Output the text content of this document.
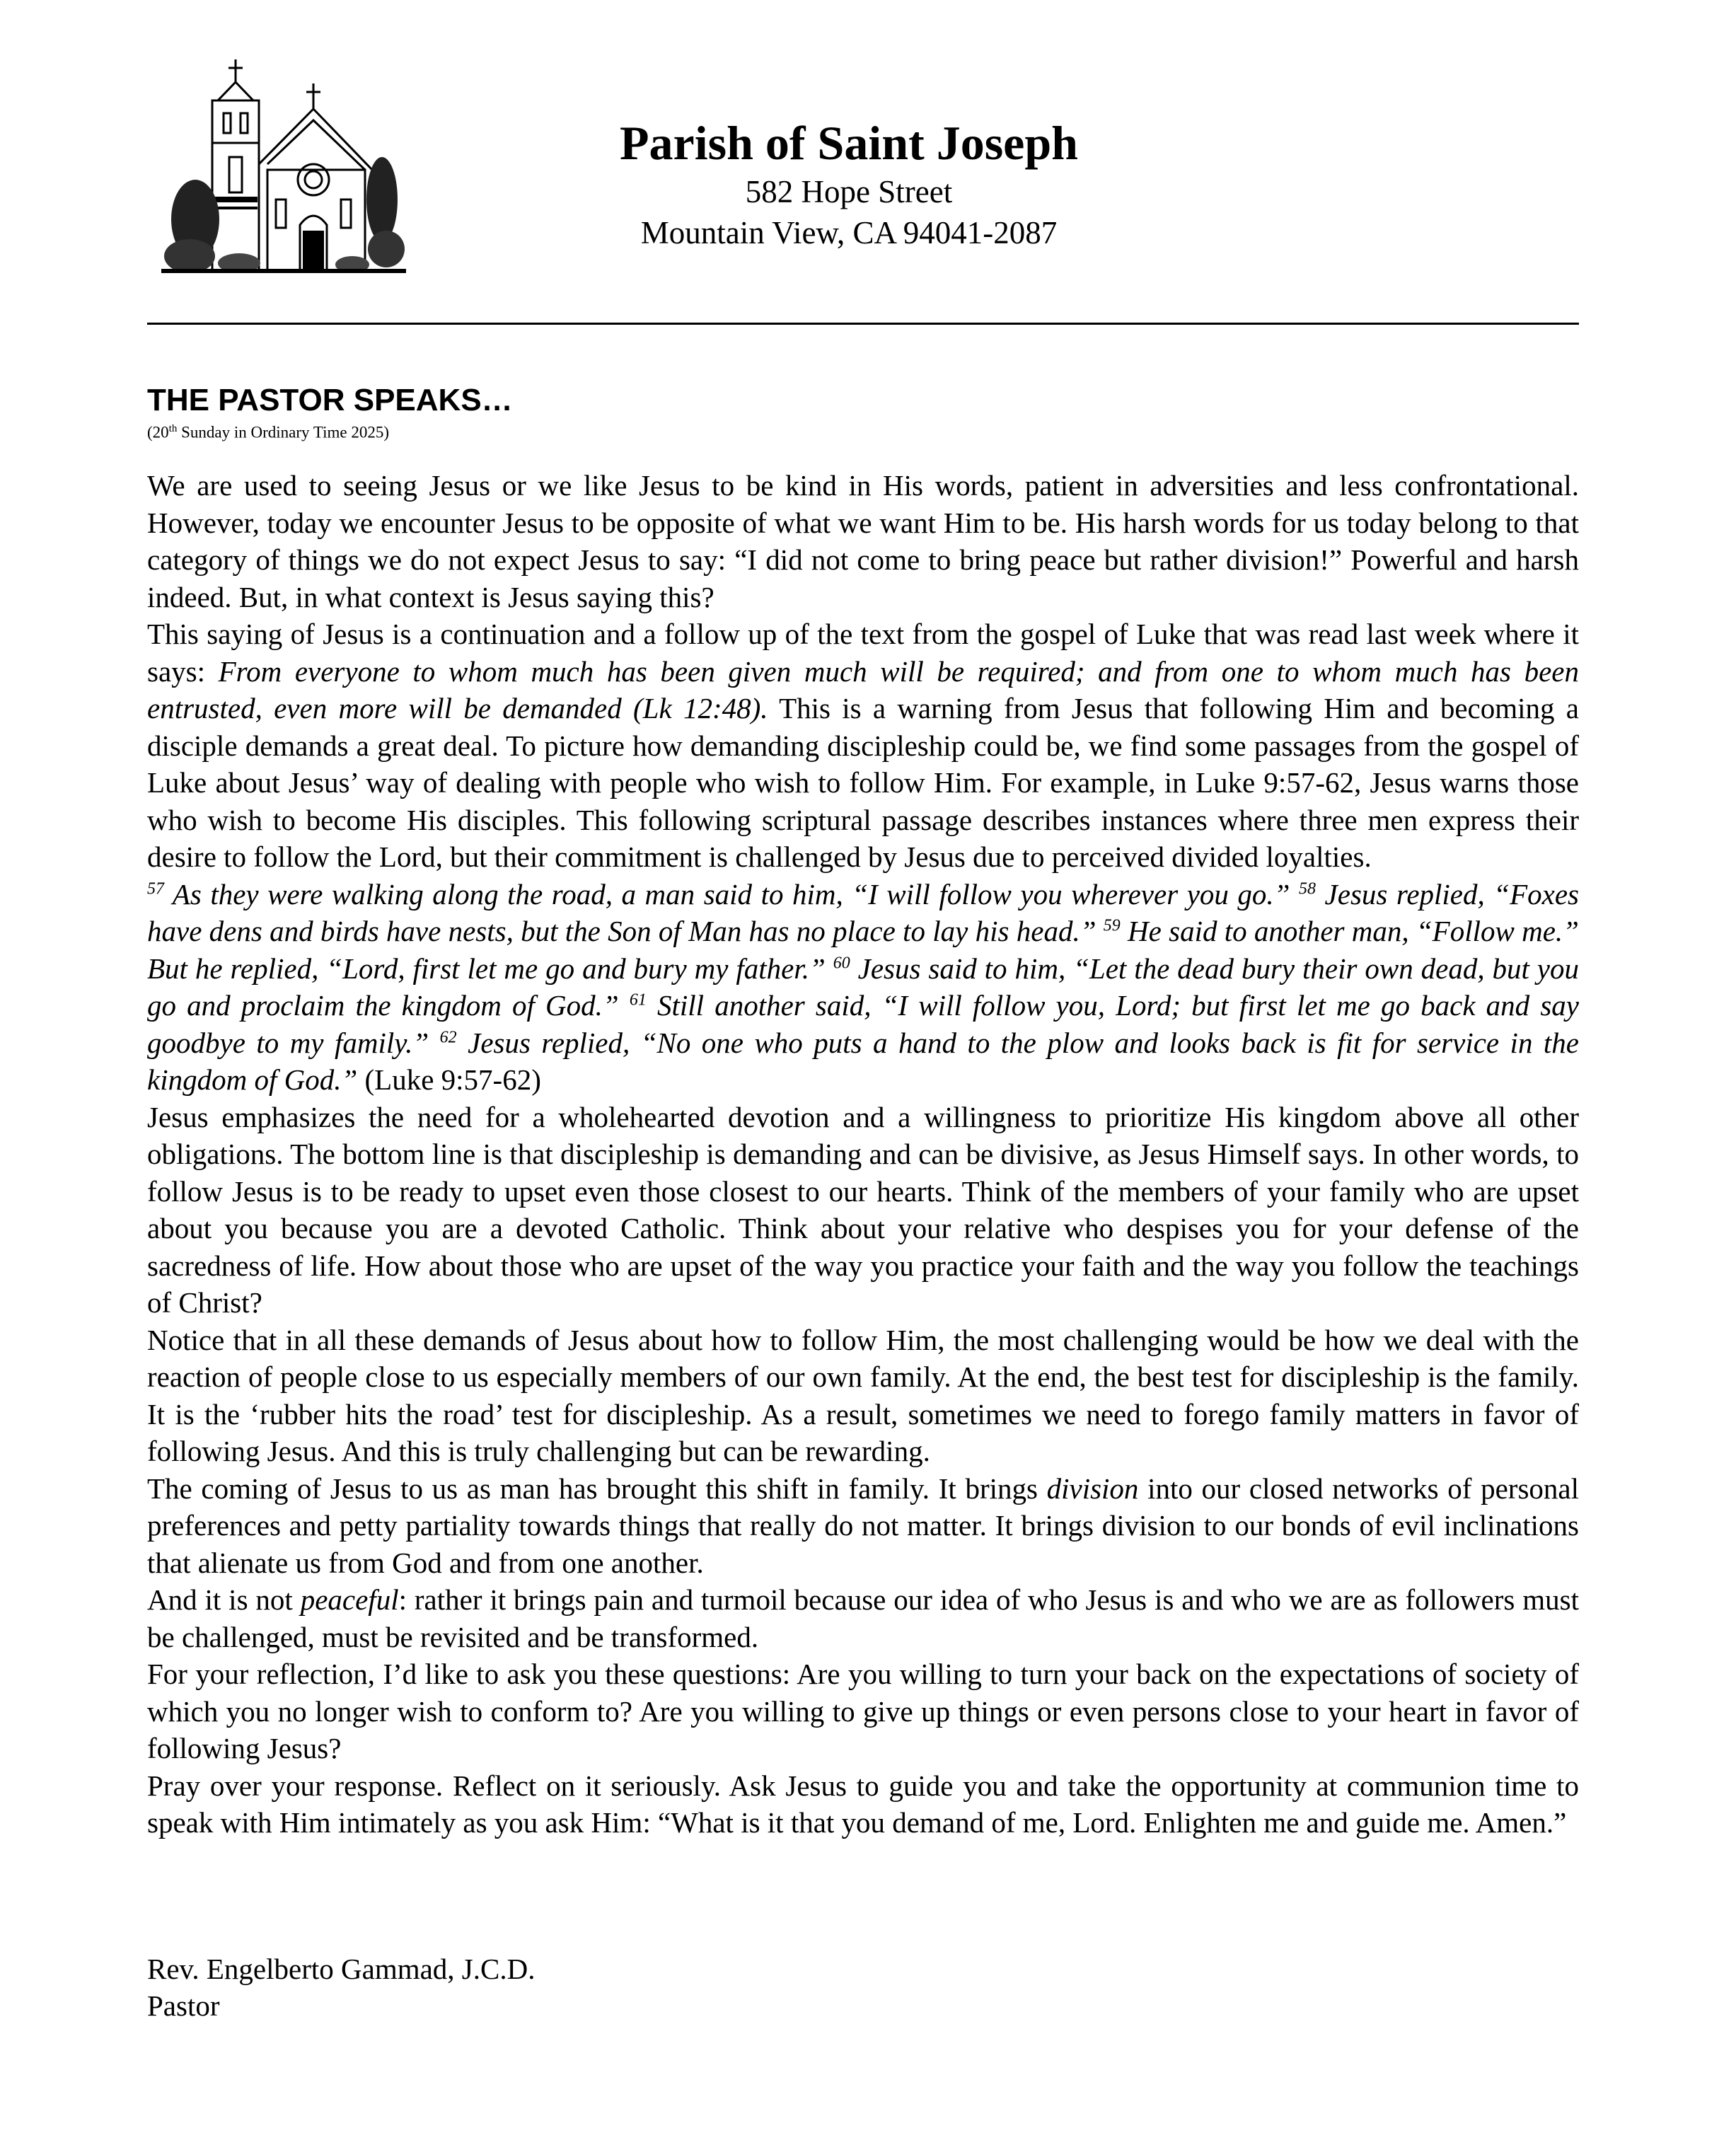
Parish of Saint Joseph
582 Hope Street
Mountain View, CA 94041-2087
THE PASTOR SPEAKS…
(20th Sunday in Ordinary Time 2025)

We are used to seeing Jesus or we like Jesus to be kind in His words, patient in adversities and less confrontational. However, today we encounter Jesus to be opposite of what we want Him to be. His harsh words for us today belong to that category of things we do not expect Jesus to say: “I did not come to bring peace but rather division!” Powerful and harsh indeed. But, in what context is Jesus saying this?

This saying of Jesus is a continuation and a follow up of the text from the gospel of Luke that was read last week where it says: From everyone to whom much has been given much will be required; and from one to whom much has been entrusted, even more will be demanded (Lk 12:48). This is a warning from Jesus that following Him and becoming a disciple demands a great deal. To picture how demanding discipleship could be, we find some passages from the gospel of Luke about Jesus’ way of dealing with people who wish to follow Him. For example, in Luke 9:57-62, Jesus warns those who wish to become His disciples. This following scriptural passage describes instances where three men express their desire to follow the Lord, but their commitment is challenged by Jesus due to perceived divided loyalties.

$^{57}$ As they were walking along the road, a man said to him, “I will follow you wherever you go.” $^{58}$ Jesus replied, “Foxes have dens and birds have nests, but the Son of Man has no place to lay his head.” $^{59}$ He said to another man, “Follow me.” But he replied, “Lord, first let me go and bury my father.” $^{60}$ Jesus said to him, “Let the dead bury their own dead, but you go and proclaim the kingdom of God.” $^{61}$ Still another said, “I will follow you, Lord; but first let me go back and say goodbye to my family.” $^{62}$ Jesus replied, “No one who puts a hand to the plow and looks back is fit for service in the kingdom of God.” (Luke 9:57-62)

Jesus emphasizes the need for a wholehearted devotion and a willingness to prioritize His kingdom above all other obligations. The bottom line is that discipleship is demanding and can be divisive, as Jesus Himself says. In other words, to follow Jesus is to be ready to upset even those closest to our hearts. Think of the members of your family who are upset about you because you are a devoted Catholic. Think about your relative who despises you for your defense of the sacredness of life. How about those who are upset of the way you practice your faith and the way you follow the teachings of Christ?

Notice that in all these demands of Jesus about how to follow Him, the most challenging would be how we deal with the reaction of people close to us especially members of our own family. At the end, the best test for discipleship is the family. It is the ‘rubber hits the road’ test for discipleship. As a result, sometimes we need to forego family matters in favor of following Jesus. And this is truly challenging but can be rewarding.

The coming of Jesus to us as man has brought this shift in family. It brings division into our closed networks of personal preferences and petty partiality towards things that really do not matter. It brings division to our bonds of evil inclinations that alienate us from God and from one another.

And it is not peaceful: rather it brings pain and turmoil because our idea of who Jesus is and who we are as followers must be challenged, must be revisited and be transformed.

For your reflection, I’d like to ask you these questions: Are you willing to turn your back on the expectations of society of which you no longer wish to conform to? Are you willing to give up things or even persons close to your heart in favor of following Jesus?

Pray over your response. Reflect on it seriously. Ask Jesus to guide you and take the opportunity at communion time to speak with Him intimately as you ask Him: “What is it that you demand of me, Lord. Enlighten me and guide me. Amen.”

Rev. Engelberto Gammad, J.C.D.
Pastor
